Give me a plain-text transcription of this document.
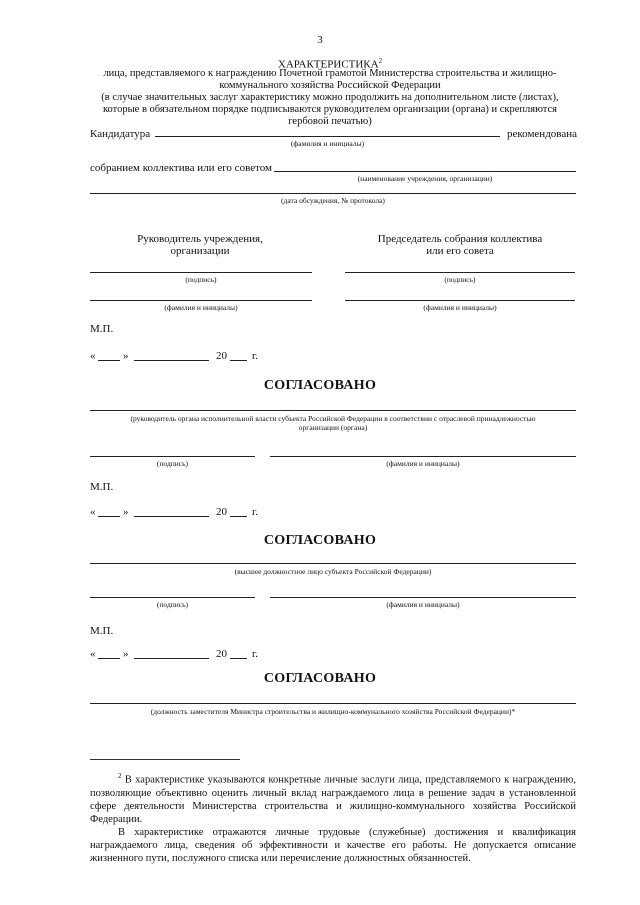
3
ХАРАКТЕРИСТИКА$^2$
лица, представляемого к награждению Почетной грамотой Министерства строительства и жилищно-
коммунального хозяйства Российской Федерации
(в случае значительных заслуг характеристику можно продолжить на дополнительном листе (листах),
которые в обязательном порядке подписываются руководителем организации (органа) и скрепляются
гербовой печатью)
Кандидатура	рекомендована
(фамилия и инициалы)
собранием коллектива или его советом
(наименование учреждения, организации)
(дата обсуждения, № протокола)
Руководитель учреждения,
организации
Председатель собрания коллектива
или его совета
(подпись)	(подпись)
(фамилия и инициалы)	(фамилия и инициалы)
М.П.
«	»	20 г.
СОГЛАСОВАНО
(руководитель органа исполнительной власти субъекта Российской Федерации в соответствии с отраслевой принадлежностью
организации (органа)
(подпись)	(фамилия и инициалы)
М.П.
«	»	20 г.
СОГЛАСОВАНО
(высшее должностное лицо субъекта Российской Федерации)
(подпись)	(фамилия и инициалы)
М.П.
«	»	20 г.
СОГЛАСОВАНО
(должность заместителя Министра строительства и жилищно-коммунального хозяйства Российской Федерации)*
$^2$ В характеристике указываются конкретные личные заслуги лица, представляемого к награждению, позволяющие объективно оценить личный вклад награждаемого лица в решение задач в установленной сфере деятельности Министерства строительства и жилищно-коммунального хозяйства Российской Федерации.
В характеристике отражаются личные трудовые (служебные) достижения и квалификация награждаемого лица, сведения об эффективности и качестве его работы. Не допускается описание жизненного пути, послужного списка или перечисление должностных обязанностей.
